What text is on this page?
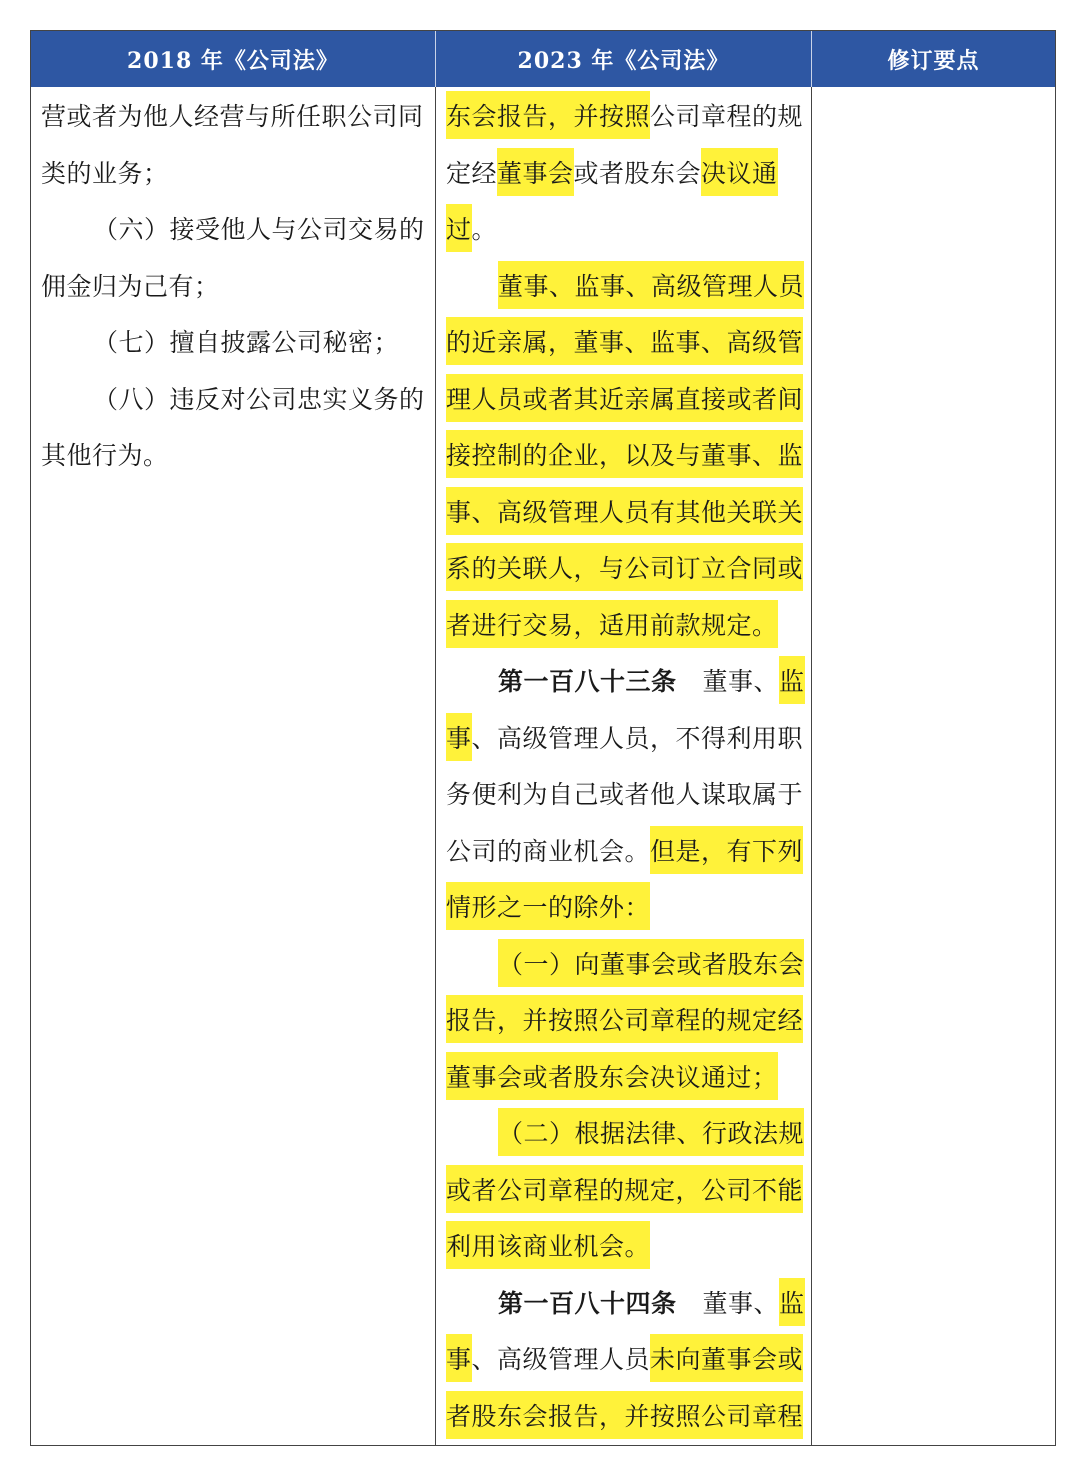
2018 年《公司法》	2023 年《公司法》	修订要点
营或者为他人经营与所任职公司同
类的业务；
（六）接受他人与公司交易的
佣金归为己有；
（七）擅自披露公司秘密；
（八）违反对公司忠实义务的
其他行为。
东会报告，并按照 公司章程的规
定经 董事会 或者股东会 决议通
过 。
董事、监事、高级管理人员
的近亲属，董事、监事、高级管
理人员或者其近亲属直接或者间
接控制的企业，以及与董事、监
事、高级管理人员有其他关联关
系的关联人，与公司订立合同或
者进行交易，适用前款规定。
第一百八十三条 董事、 监
事 、高级管理人员，不得利用职
务便利为自己或者他人谋取属于
公司的商业机会。 但是，有下列
情形之一的除外：
（一）向董事会或者股东会
报告，并按照公司章程的规定经
董事会或者股东会决议通过；
（二）根据法律、行政法规
或者公司章程的规定，公司不能
利用该商业机会。
第一百八十四条 董事、 监
事 、高级管理人员 未向董事会或
者股东会报告，并按照公司章程
